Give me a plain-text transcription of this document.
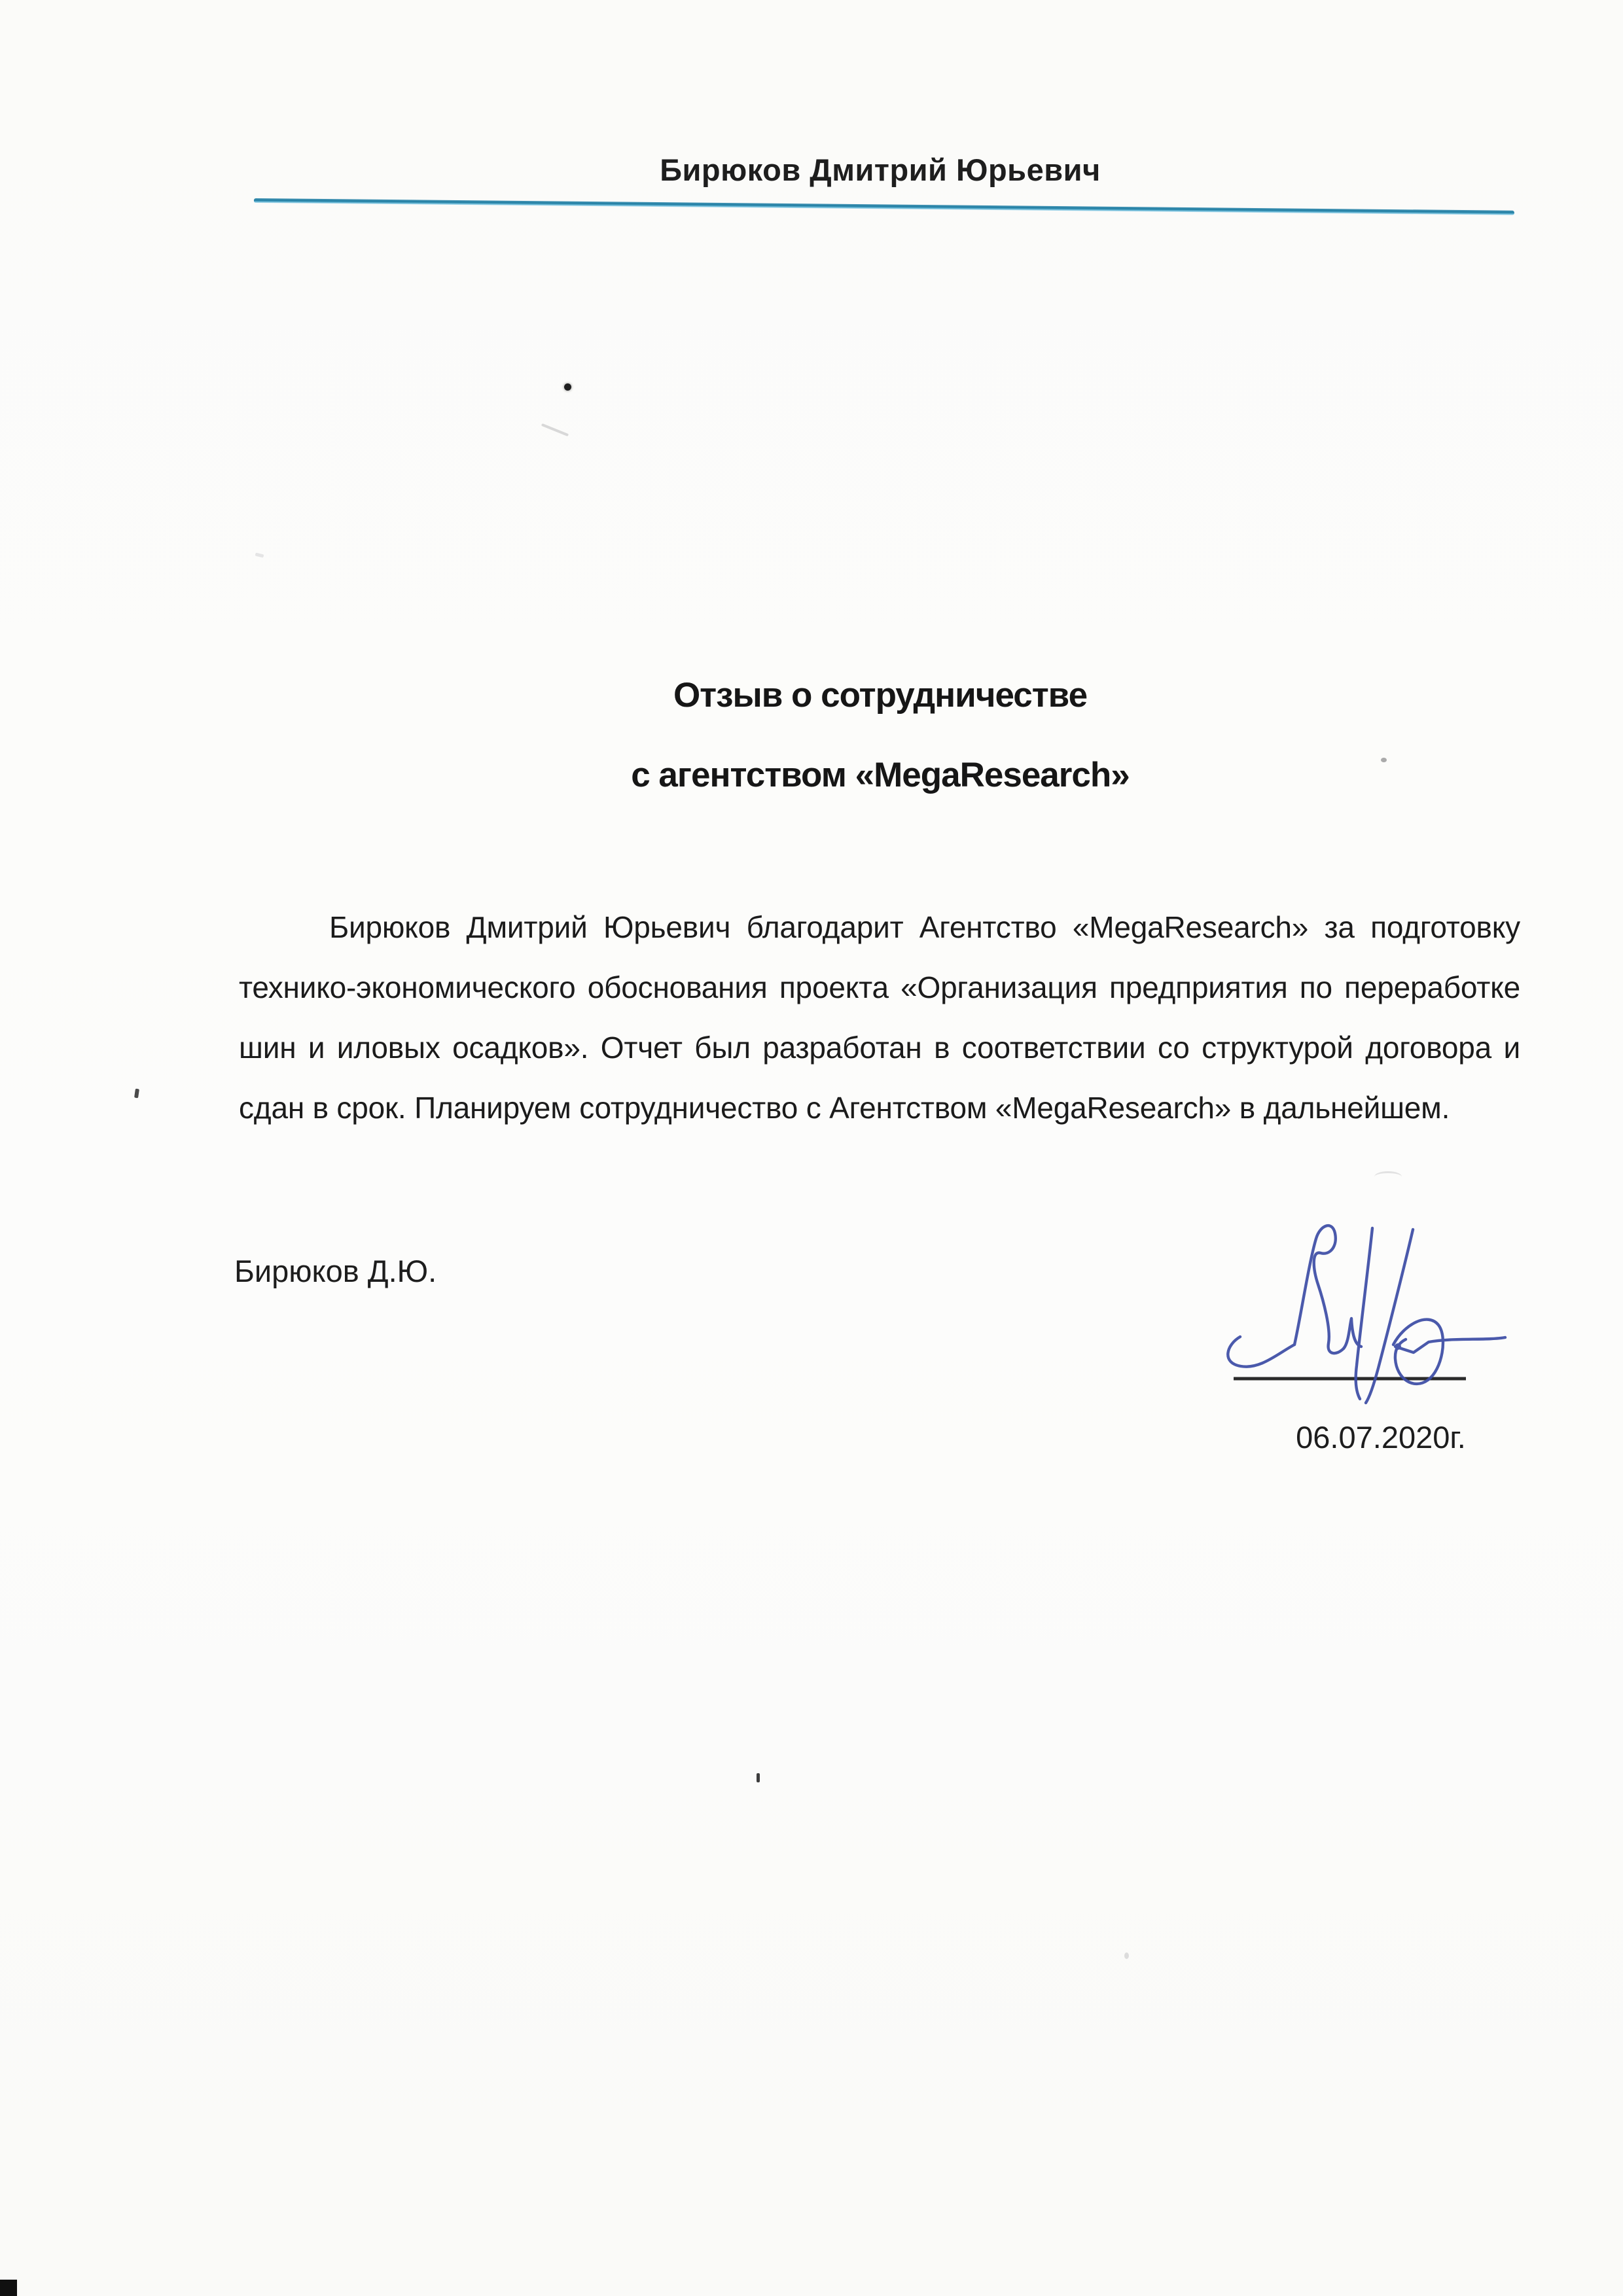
Бирюков Дмитрий Юрьевич
Отзыв о сотрудничестве
с агентством «MegaResearch»
Бирюков Дмитрий Юрьевич благодарит Агентство «MegaResearch» за подготовку
технико-экономического обоснования проекта «Организация предприятия по переработке
шин и иловых осадков». Отчет был разработан в соответствии со структурой договора и
сдан в срок. Планируем сотрудничество с Агентством «MegaResearch» в дальнейшем.
Бирюков Д.Ю.
06.07.2020г.
